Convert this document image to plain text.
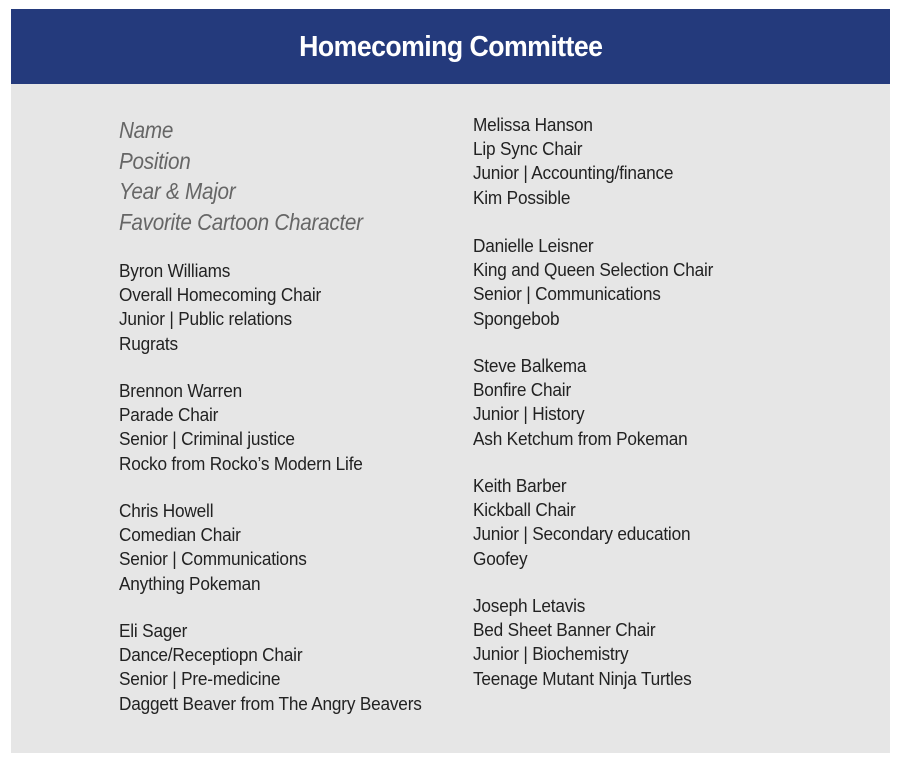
Homecoming Committee
Name
Position
Year & Major
Favorite Cartoon Character
Byron Williams
Overall Homecoming Chair
Junior | Public relations
Rugrats
Brennon Warren
Parade Chair
Senior | Criminal justice
Rocko from Rocko’s Modern Life
Chris Howell
Comedian Chair
Senior | Communications
Anything Pokeman
Eli Sager
Dance/Receptiopn Chair
Senior | Pre-medicine
Daggett Beaver from The Angry Beavers
Melissa Hanson
Lip Sync Chair
Junior | Accounting/finance
Kim Possible
Danielle Leisner
King and Queen Selection Chair
Senior | Communications
Spongebob
Steve Balkema
Bonfire Chair
Junior | History
Ash Ketchum from Pokeman
Keith Barber
Kickball Chair
Junior | Secondary education
Goofey
Joseph Letavis
Bed Sheet Banner Chair
Junior | Biochemistry
Teenage Mutant Ninja Turtles
